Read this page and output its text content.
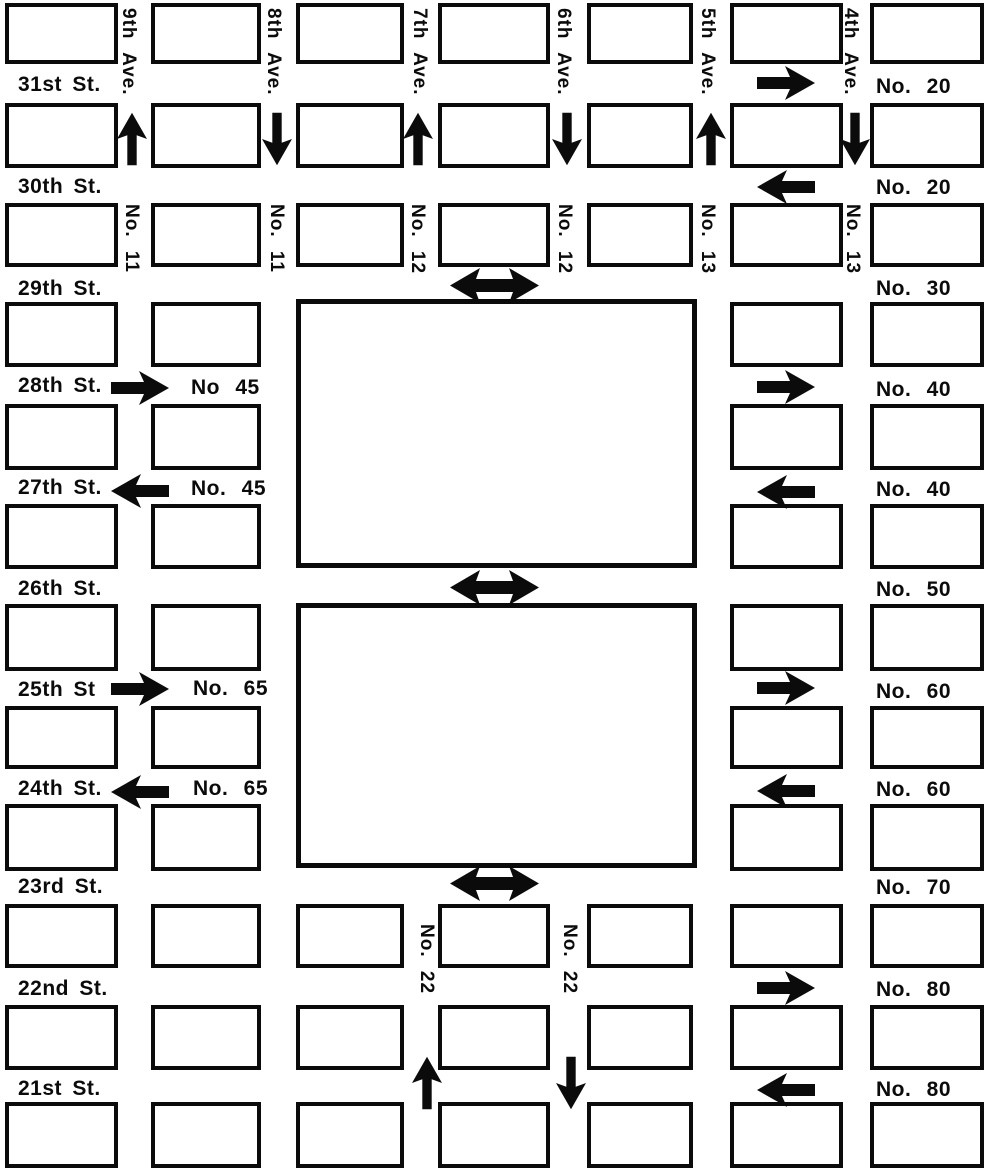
31st St.
30th St.
29th St.
28th St.
27th St.
26th St.
25th St
24th St.
23rd St.
22nd St.
21st St.
9th Ave.	8th Ave.	7th Ave.	6th Ave.	5th Ave.	4th Ave.
No. 11	No. 11	No. 12	No. 12	No. 13	No. 13
No. 22	No. 22
No. 20
No. 20
No. 30
No. 40
No. 40
No. 50
No. 60
No. 60
No. 70
No. 80
No. 80
No 45
No. 45
No. 65
No. 65
